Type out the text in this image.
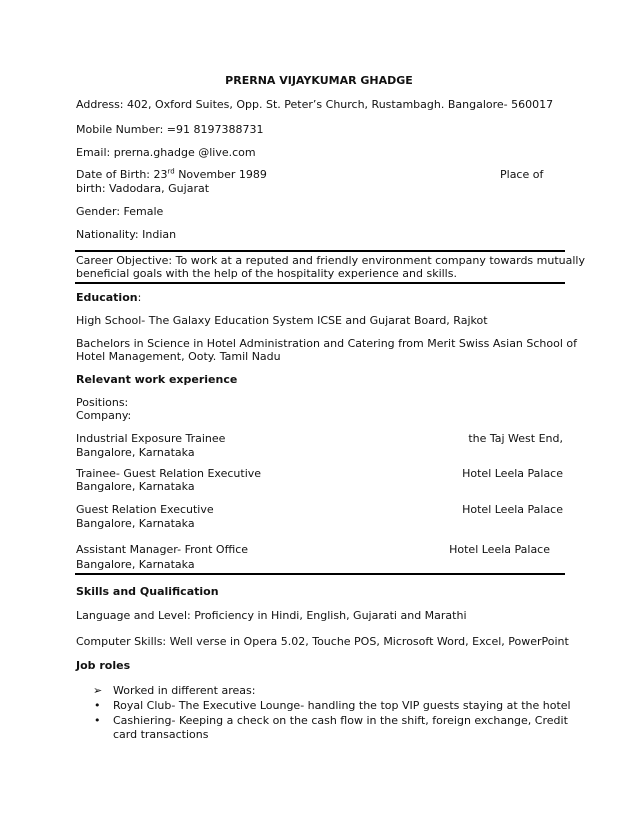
PRERNA VIJAYKUMAR GHADGE
Address: 402, Oxford Suites, Opp. St. Peter’s Church, Rustambagh. Bangalore- 560017
Mobile Number: =91 8197388731
Email: prerna.ghadge @live.com
Date of Birth: 23rd November 1989	Place of
birth: Vadodara, Gujarat
Gender: Female
Nationality: Indian
Career Objective: To work at a reputed and friendly environment company towards mutually
beneficial goals with the help of the hospitality experience and skills.
Education:
High School- The Galaxy Education System ICSE and Gujarat Board, Rajkot
Bachelors in Science in Hotel Administration and Catering from Merit Swiss Asian School of
Hotel Management, Ooty. Tamil Nadu
Relevant work experience
Positions:
Company:
Industrial Exposure Trainee	the Taj West End,
Bangalore, Karnataka
Trainee- Guest Relation Executive	Hotel Leela Palace
Bangalore, Karnataka
Guest Relation Executive	Hotel Leela Palace
Bangalore, Karnataka
Assistant Manager- Front Office	Hotel Leela Palace
Bangalore, Karnataka
Skills and Qualification
Language and Level: Proficiency in Hindi, English, Gujarati and Marathi
Computer Skills: Well verse in Opera 5.02, Touche POS, Microsoft Word, Excel, PowerPoint
Job roles
➢ Worked in different areas:
• Royal Club- The Executive Lounge- handling the top VIP guests staying at the hotel
• Cashiering- Keeping a check on the cash flow in the shift, foreign exchange, Credit
card transactions
